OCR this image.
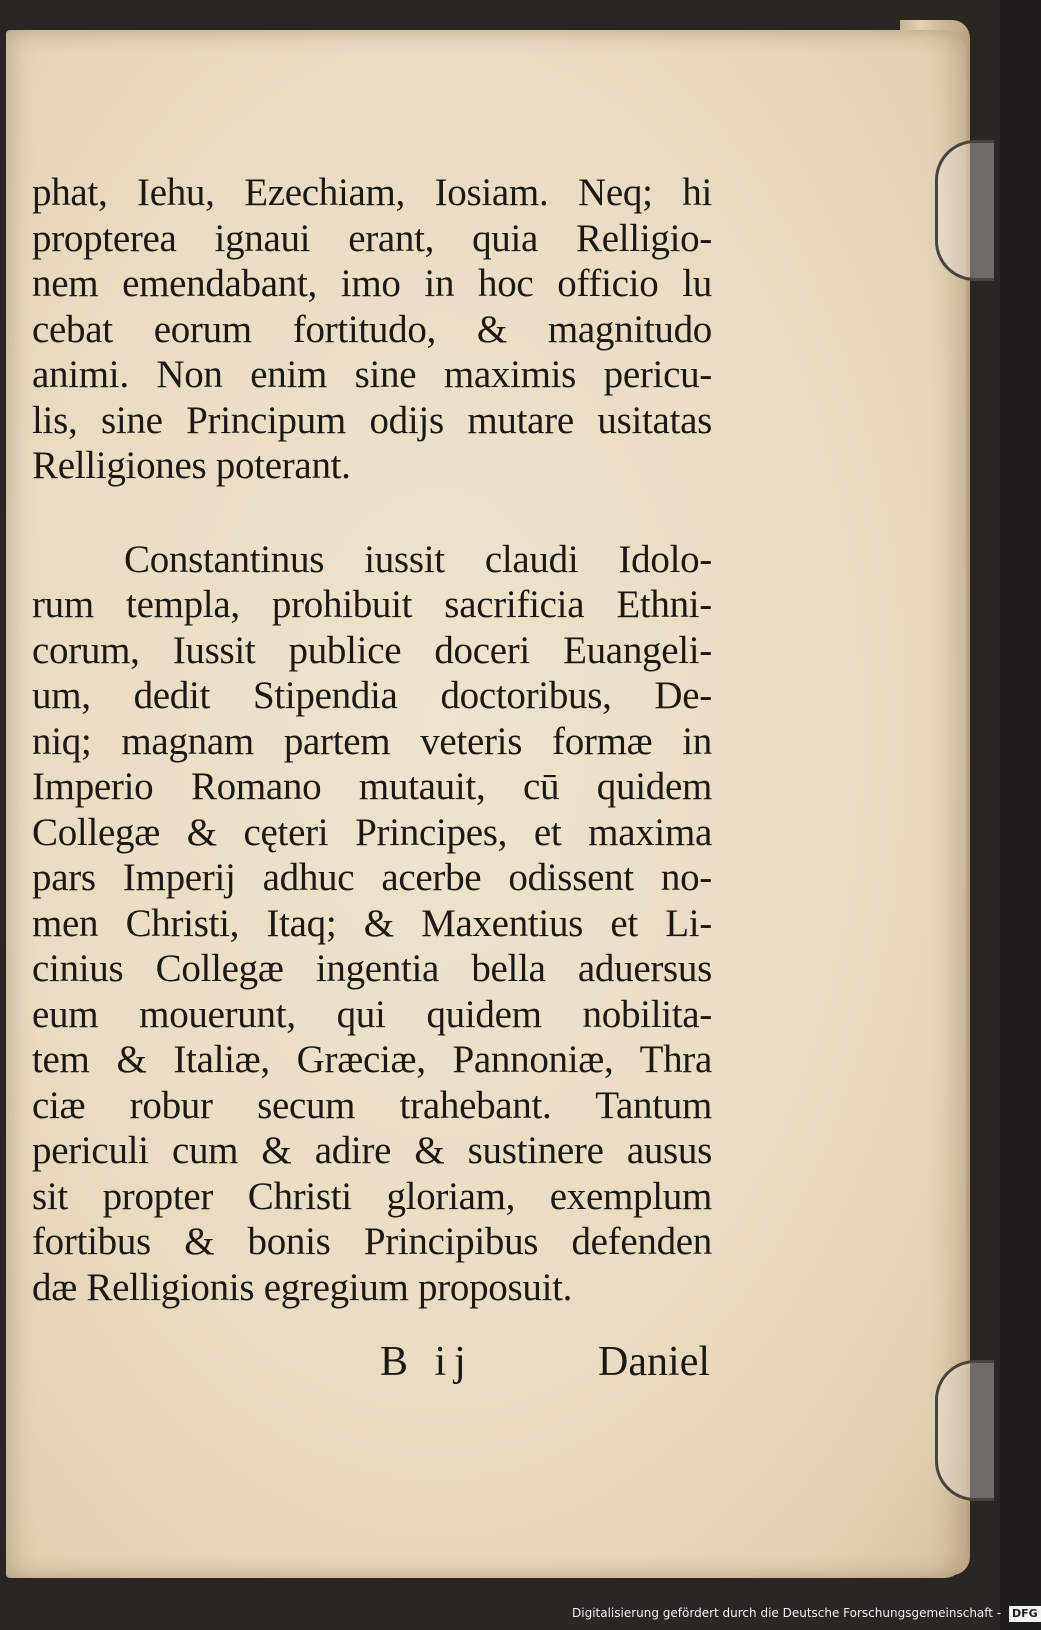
phat, Iehu, Ezechiam, Iosiam. Neq; hi
propterea ignaui erant, quia Relligio-
nem emendabant, imo in hoc officio lu
cebat eorum fortitudo, & magnitudo
animi. Non enim sine maximis pericu-
lis, sine Principum odijs mutare usitatas
Relligiones poterant.
Constantinus iussit claudi Idolo-
rum templa, prohibuit sacrificia Ethni-
corum, Iussit publice doceri Euangeli-
um, dedit Stipendia doctoribus, De-
niq; magnam partem veteris formæ in
Imperio Romano mutauit, cū quidem
Collegæ & cęteri Principes, et maxima
pars Imperij adhuc acerbe odissent no-
men Christi, Itaq; & Maxentius et Li-
cinius Collegæ ingentia bella aduersus
eum mouerunt, qui quidem nobilita-
tem & Italiæ, Græciæ, Pannoniæ, Thra
ciæ robur secum trahebant. Tantum
periculi cum & adire & sustinere ausus
sit propter Christi gloriam, exemplum
fortibus & bonis Principibus defenden
dæ Relligionis egregium proposuit.
B ij	Daniel
Digitalisierung gefördert durch die Deutsche Forschungsgemeinschaft - DFG
